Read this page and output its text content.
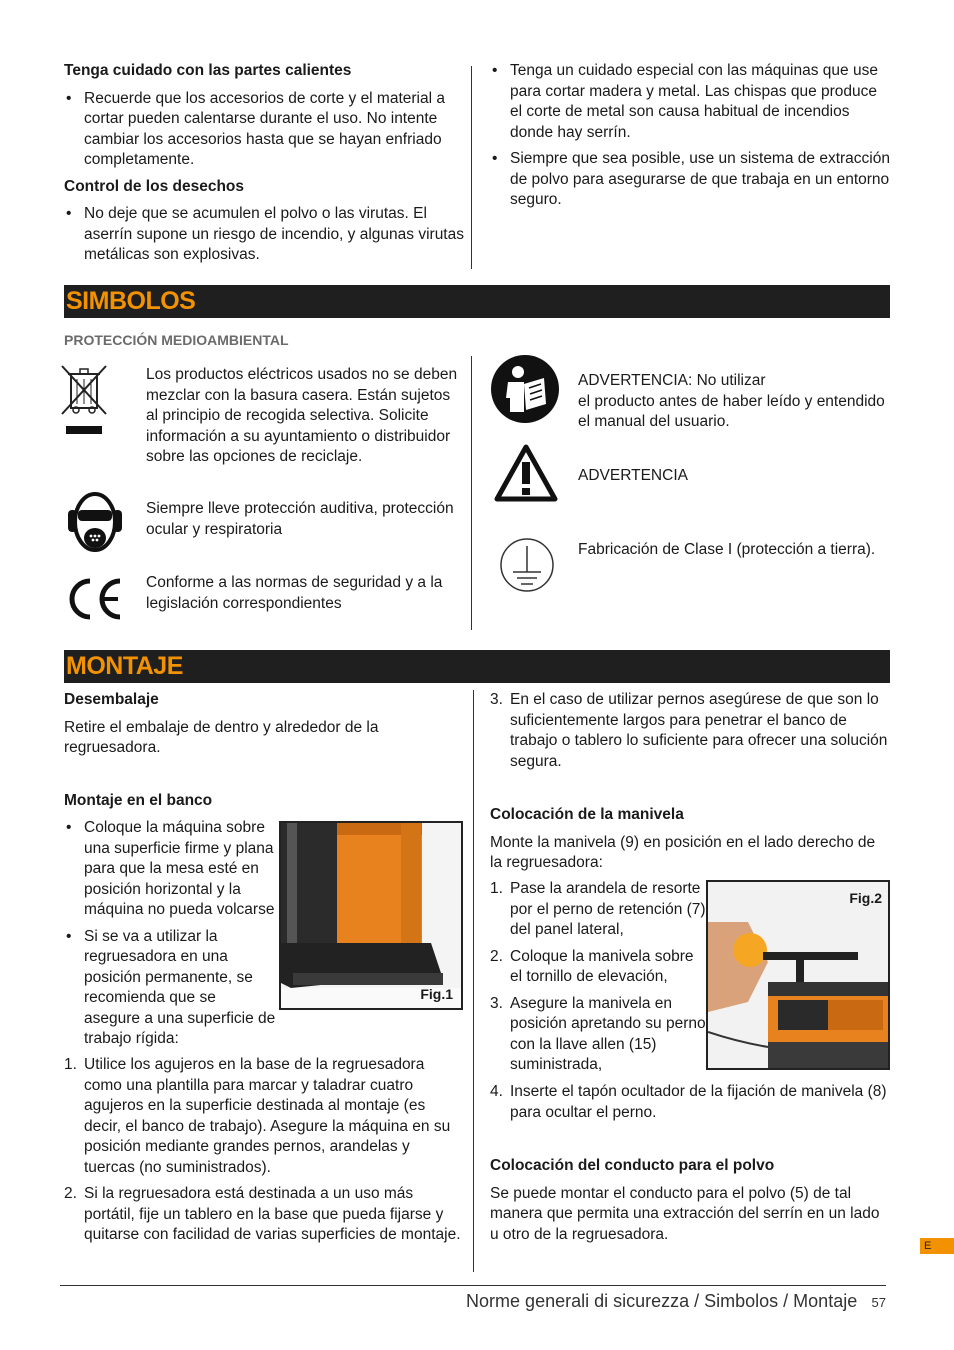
Tenga cuidado con las partes calientes

• Recuerde que los accesorios de corte y el material a cortar pueden calentarse durante el uso. No intente cambiar los accesorios hasta que se hayan enfriado completamente.

Control de los desechos

• No deje que se acumulen el polvo o las virutas. El aserrín supone un riesgo de incendio, y algunas virutas metálicas son explosivas.
• Tenga un cuidado especial con las máquinas que use para cortar madera y metal. Las chispas que produce el corte de metal son causa habitual de incendios donde hay serrín.
• Siempre que sea posible, use un sistema de extracción de polvo para asegurarse de que trabaja en un entorno seguro.
SIMBOLOS

PROTECCIÓN MEDIOAMBIENTAL

Los productos eléctricos usados no se deben mezclar con la basura casera. Están sujetos al principio de recogida selectiva. Solicite información a su ayuntamiento o distribuidor sobre las opciones de reciclaje.

Siempre lleve protección auditiva, protección ocular y respiratoria

Conforme a las normas de seguridad y a la legislación correspondientes

ADVERTENCIA: No utilizar

el producto antes de haber leído y entendido el manual del usuario.

ADVERTENCIA

Fabricación de Clase I (protección a tierra).

MONTAJE

Desembalaje

Retire el embalaje de dentro y alrededor de la regruesadora.

Montaje en el banco

• Coloque la máquina sobre una superficie firme y plana para que la mesa esté en posición horizontal y la máquina no pueda volcarse
• Si se va a utilizar la regruesadora en una posición permanente, se recomienda que se asegure a una superficie de trabajo rígida:
Fig.1
1. Utilice los agujeros en la base de la regruesadora como una plantilla para marcar y taladrar cuatro agujeros en la superficie destinada al montaje (es decir, el banco de trabajo). Asegure la máquina en su posición mediante grandes pernos, arandelas y tuercas (no suministrados).
2. Si la regruesadora está destinada a un uso más portátil, fije un tablero en la base que pueda fijarse y quitarse con facilidad de varias superficies de montaje.
3. En el caso de utilizar pernos asegúrese de que son lo suficientemente largos para penetrar el banco de trabajo o tablero lo suficiente para ofrecer una solución segura.

Colocación de la manivela

Monte la manivela (9) en posición en el lado derecho de la regruesadora:

1. Pase la arandela de resorte por el perno de retención (7) del panel lateral,
2. Coloque la manivela sobre el tornillo de elevación,
3. Asegure la manivela en posición apretando su perno con la llave allen (15) suministrada,
Fig.2
4. Inserte el tapón ocultador de la fijación de manivela (8) para ocultar el perno.

Colocación del conducto para el polvo

Se puede montar el conducto para el polvo (5) de tal manera que permita una extracción del serrín en un lado u otro de la regruesadora.

E
Norme generali di sicurezza / Simbolos / Montaje 57
